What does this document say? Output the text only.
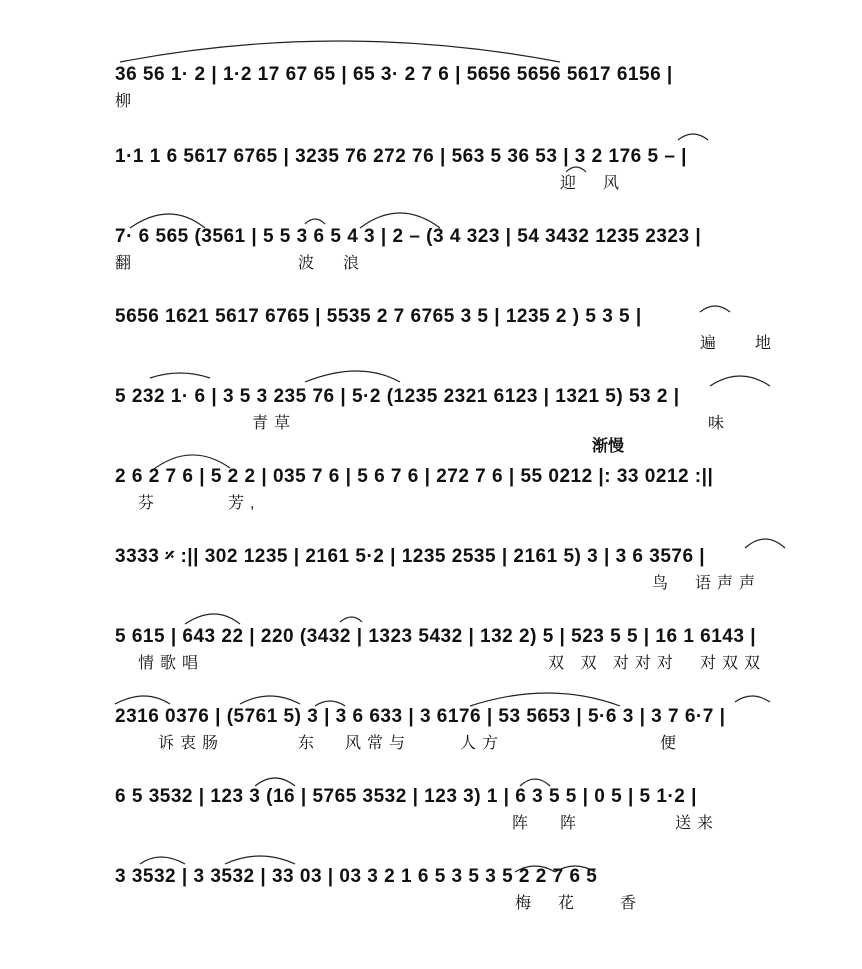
渐慢
36 56 1· 2 | 1·2 17 67 65 | 65 3· 2 7 6 | 5656 5656 5617 6156 |
柳
1·1 1 6 5617 6765 | 3235 76 272 76 | 563 5 36 53 | 3 2 176 5 – |
迎 风
7· 6 565 (3561 | 5 5 3 6 5 4 3 | 2 – (3 4 323 | 54 3432 1235 2323 |
翻	波 浪
5656 1621 5617 6765 | 5535 2 7 6765 3 5 | 1235 2 ) 5 3 5 |
遍 地
5 232 1· 6 | 3 5 3 235 76 | 5·2 (1235 2321 6123 | 1321 5) 53 2 |
青草	味
2 6 2 7 6 | 5 2 2 | 035 7 6 | 5 6 7 6 | 272 7 6 | 55 0212 |: 33 0212 :||
芬	芳,
3333 𝄎 :|| 302 1235 | 2161 5·2 | 1235 2535 | 2161 5) 3 | 3 6 3576 |
鸟 语声声
5 615 | 643 22 | 220 (3432 | 1323 5432 | 132 2) 5 | 523 5 5 | 16 1 6143 |
情歌唱	双 双 对对对 对双双
2316 0376 | (5761 5) 3 | 3 6 633 | 3 6176 | 53 5653 | 5·6 3 | 3 7 6·7 |
诉衷肠	东 风常与	人方	便
6 5 3532 | 123 3 (16 | 5765 3532 | 123 3) 1 | 6 3 5 5 | 0 5 | 5 1·2 |
阵 阵	送来
3 3532 | 3 3532 | 33 03 | 03 3 2 1 6 5 3 5 3 5 2 2 7 6 5
梅 花 香
